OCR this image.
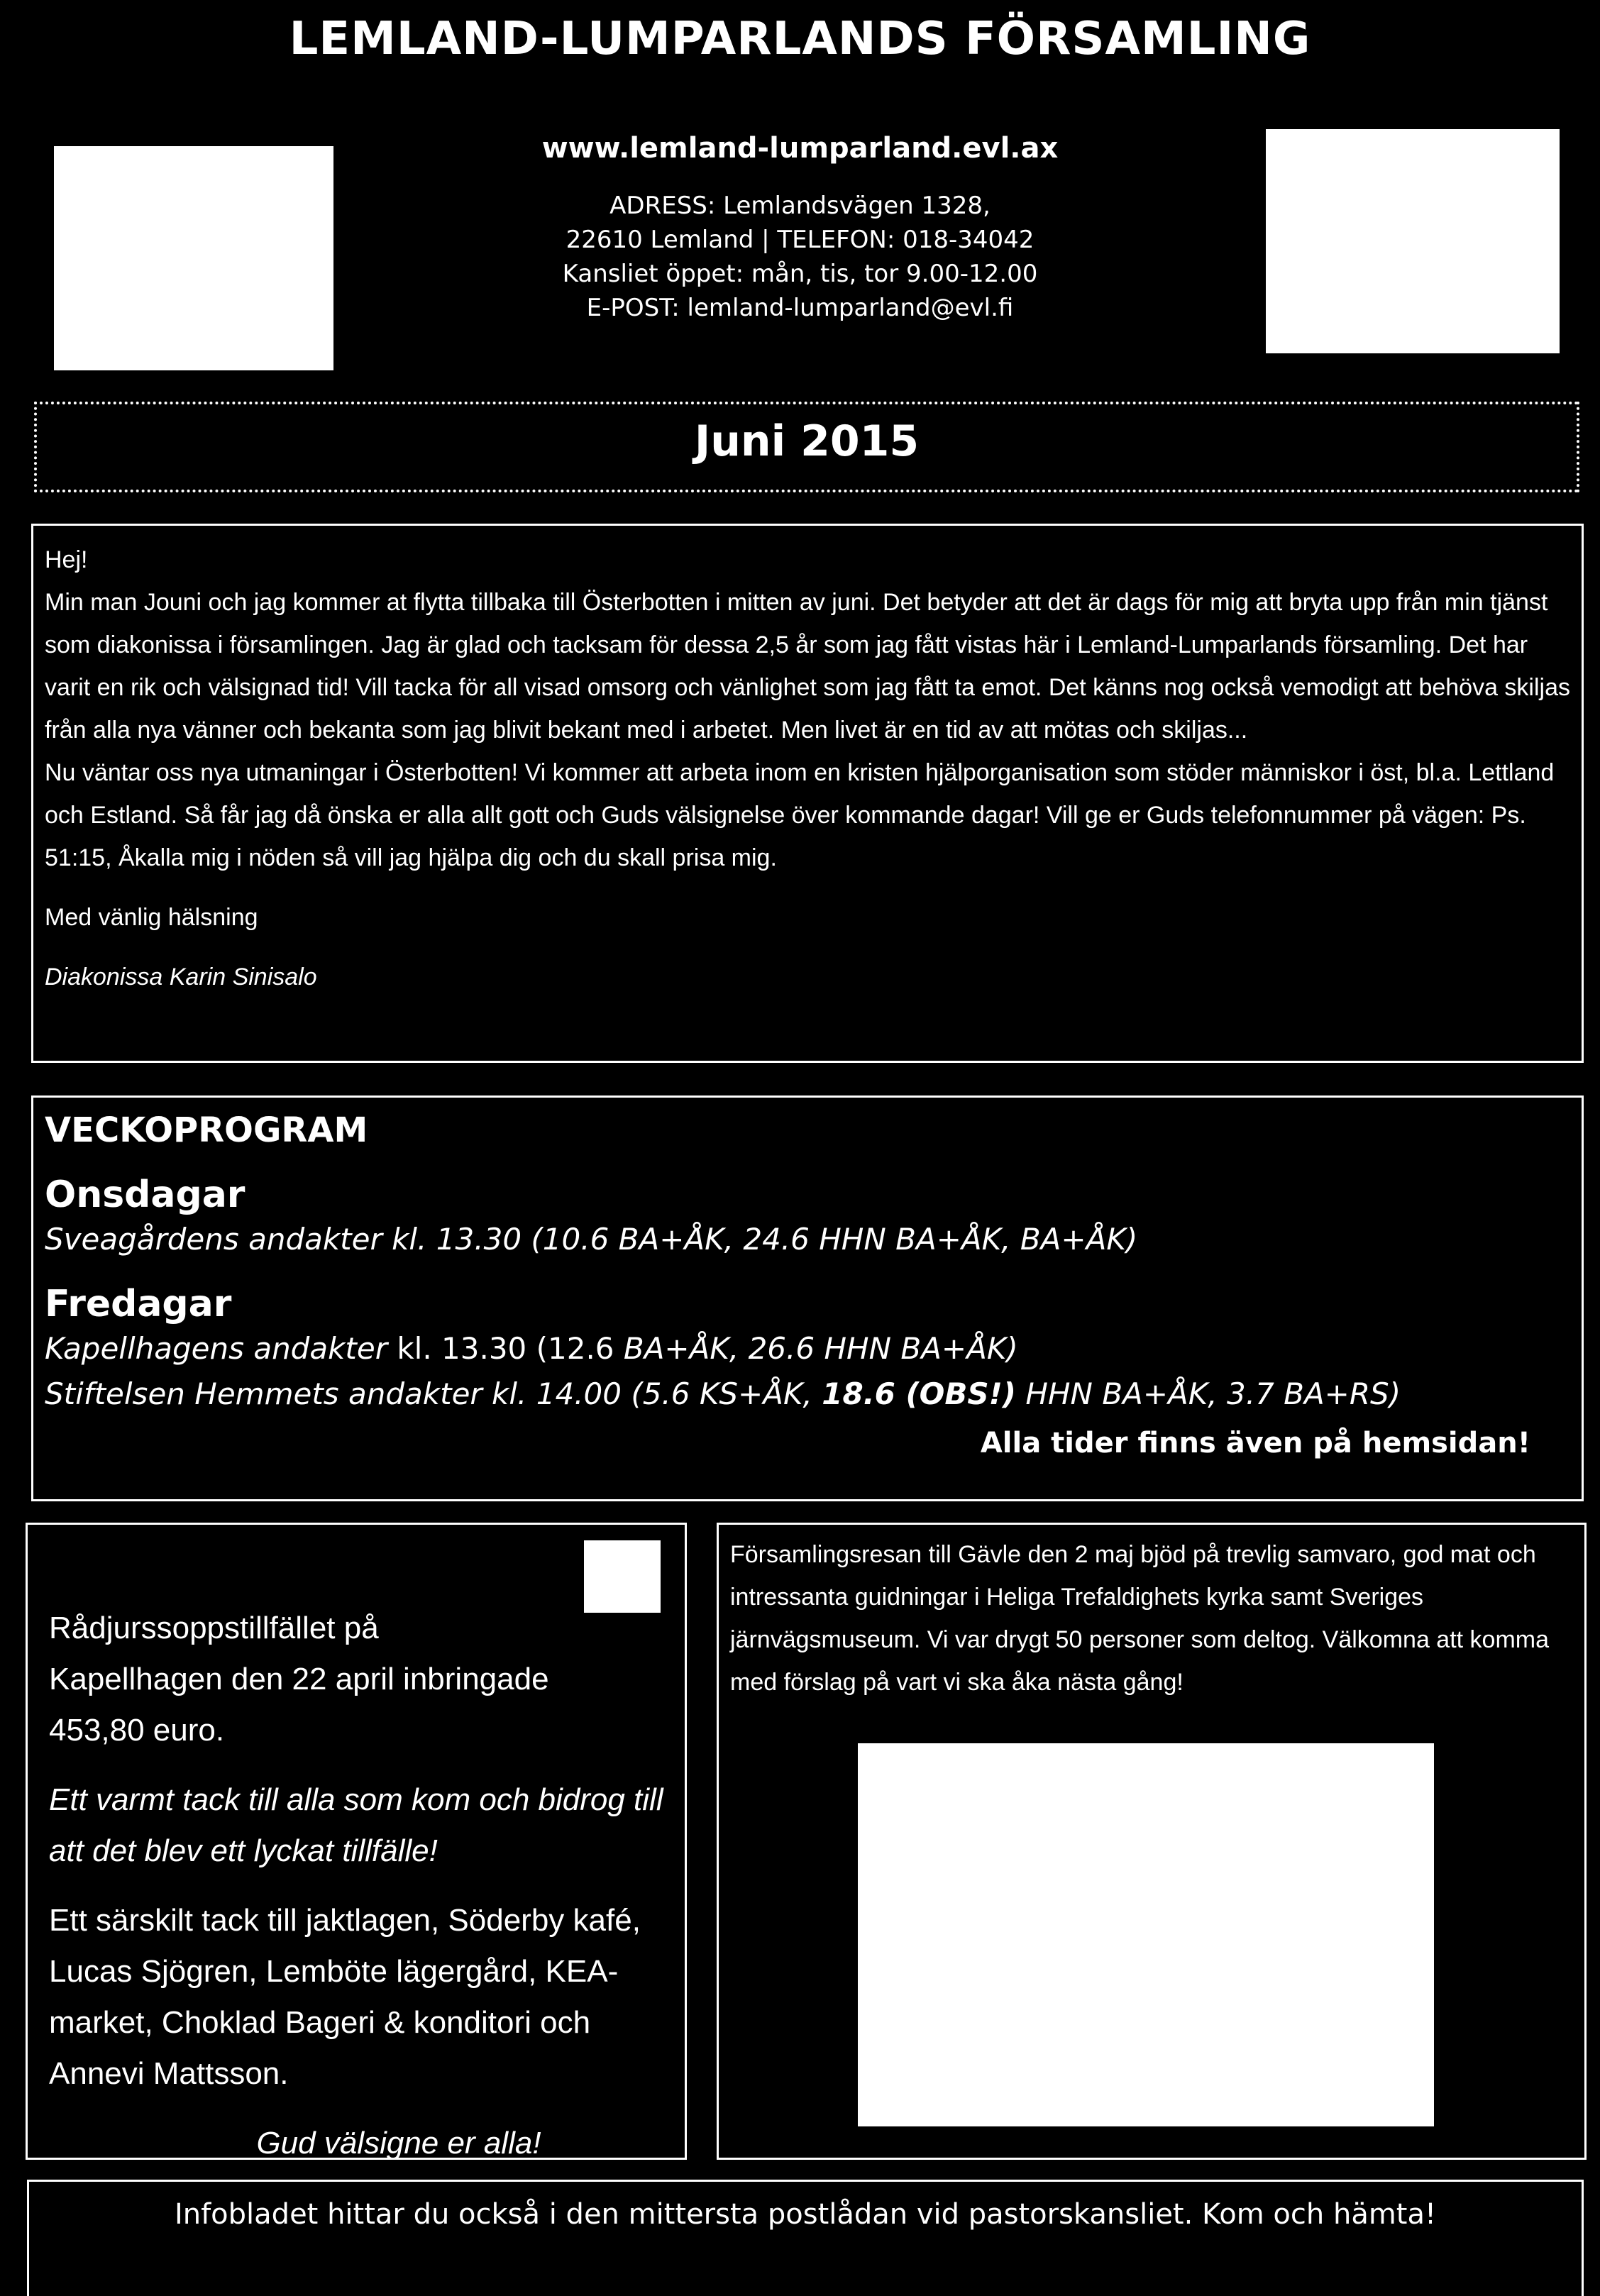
LEMLAND-LUMPARLANDS FÖRSAMLING
www.lemland-lumparland.evl.ax
ADRESS: Lemlandsvägen 1328,
22610 Lemland | TELEFON: 018-34042
Kansliet öppet: mån, tis, tor 9.00-12.00
E-POST: lemland-lumparland@evl.fi
Juni 2015

Hej!

Min man Jouni och jag kommer at flytta tillbaka till Österbotten i mitten av juni. Det betyder att det är dags för mig att bryta upp från min tjänst som diakonissa i församlingen. Jag är glad och tacksam för dessa 2,5 år som jag fått vistas här i Lemland-Lumparlands församling. Det har varit en rik och välsignad tid! Vill tacka för all visad omsorg och vänlighet som jag fått ta emot. Det känns nog också vemodigt att behöva skiljas från alla nya vänner och bekanta som jag blivit bekant med i arbetet. Men livet är en tid av att mötas och skiljas...

Nu väntar oss nya utmaningar i Österbotten! Vi kommer att arbeta inom en kristen hjälporganisation som stöder människor i öst, bl.a. Lettland och Estland. Så får jag då önska er alla allt gott och Guds välsignelse över kommande dagar! Vill ge er Guds telefonnummer på vägen: Ps. 51:15, Åkalla mig i nöden så vill jag hjälpa dig och du skall prisa mig.

Med vänlig hälsning

Diakonissa Karin Sinisalo

VECKOPROGRAM
Onsdagar
Sveagårdens andakter kl. 13.30 (10.6 BA+ÅK, 24.6 HHN BA+ÅK, BA+ÅK)
Fredagar
Kapellhagens andakter kl. 13.30 (12.6 BA+ÅK, 26.6 HHN BA+ÅK)
Stiftelsen Hemmets andakter kl. 14.00 (5.6 KS+ÅK, 18.6 (OBS!) HHN BA+ÅK, 3.7 BA+RS)
Alla tider finns även på hemsidan!

Rådjurssoppstillfället på Kapellhagen den 22 april inbringade 453,80 euro.

Ett varmt tack till alla som kom och bidrog till att det blev ett lyckat tillfälle!

Ett särskilt tack till jaktlagen, Söderby kafé, Lucas Sjögren, Lemböte lägergård, KEA-market, Choklad Bageri & konditori och Annevi Mattsson.

Gud välsigne er alla!

Församlingsresan till Gävle den 2 maj bjöd på trevlig samvaro, god mat och intressanta guidningar i Heliga Trefaldighets kyrka samt Sveriges järnvägsmuseum. Vi var drygt 50 personer som deltog. Välkomna att komma med förslag på vart vi ska åka nästa gång!

Infobladet hittar du också i den mittersta postlådan vid pastorskansliet. Kom och hämta!
